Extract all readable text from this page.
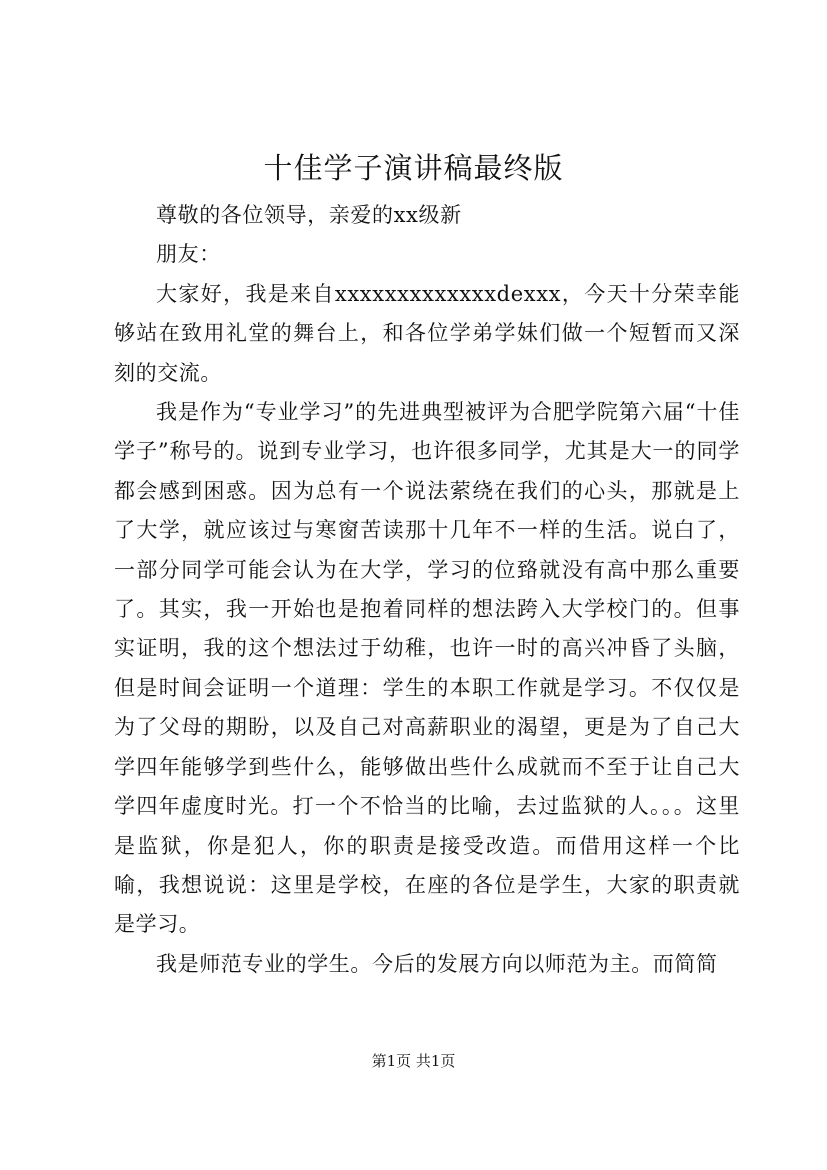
十佳学子演讲稿最终版

尊敬的各位领导，亲爱的xx级新

朋友：

大家好，我是来自xxxxxxxxxxxxxdexxx，今天十分荣幸能够站在致用礼堂的舞台上，和各位学弟学妹们做一个短暂而又深刻的交流。

我是作为“专业学习”的先进典型被评为合肥学院第六届“十佳学子”称号的。说到专业学习，也许很多同学，尤其是大一的同学都会感到困惑。因为总有一个说法萦绕在我们的心头，那就是上了大学，就应该过与寒窗苦读那十几年不一样的生活。说白了，一部分同学可能会认为在大学，学习的位臵就没有高中那么重要了。其实，我一开始也是抱着同样的想法跨入大学校门的。但事实证明，我的这个想法过于幼稚，也许一时的高兴冲昏了头脑，但是时间会证明一个道理：学生的本职工作就是学习。不仅仅是为了父母的期盼，以及自己对高薪职业的渴望，更是为了自己大学四年能够学到些什么，能够做出些什么成就而不至于让自己大学四年虚度时光。打一个不恰当的比喻，去过监狱的人。。。这里是监狱，你是犯人，你的职责是接受改造。而借用这样一个比喻，我想说说：这里是学校，在座的各位是学生，大家的职责就是学习。

我是师范专业的学生。今后的发展方向以师范为主。而简简

第1页 共1页
